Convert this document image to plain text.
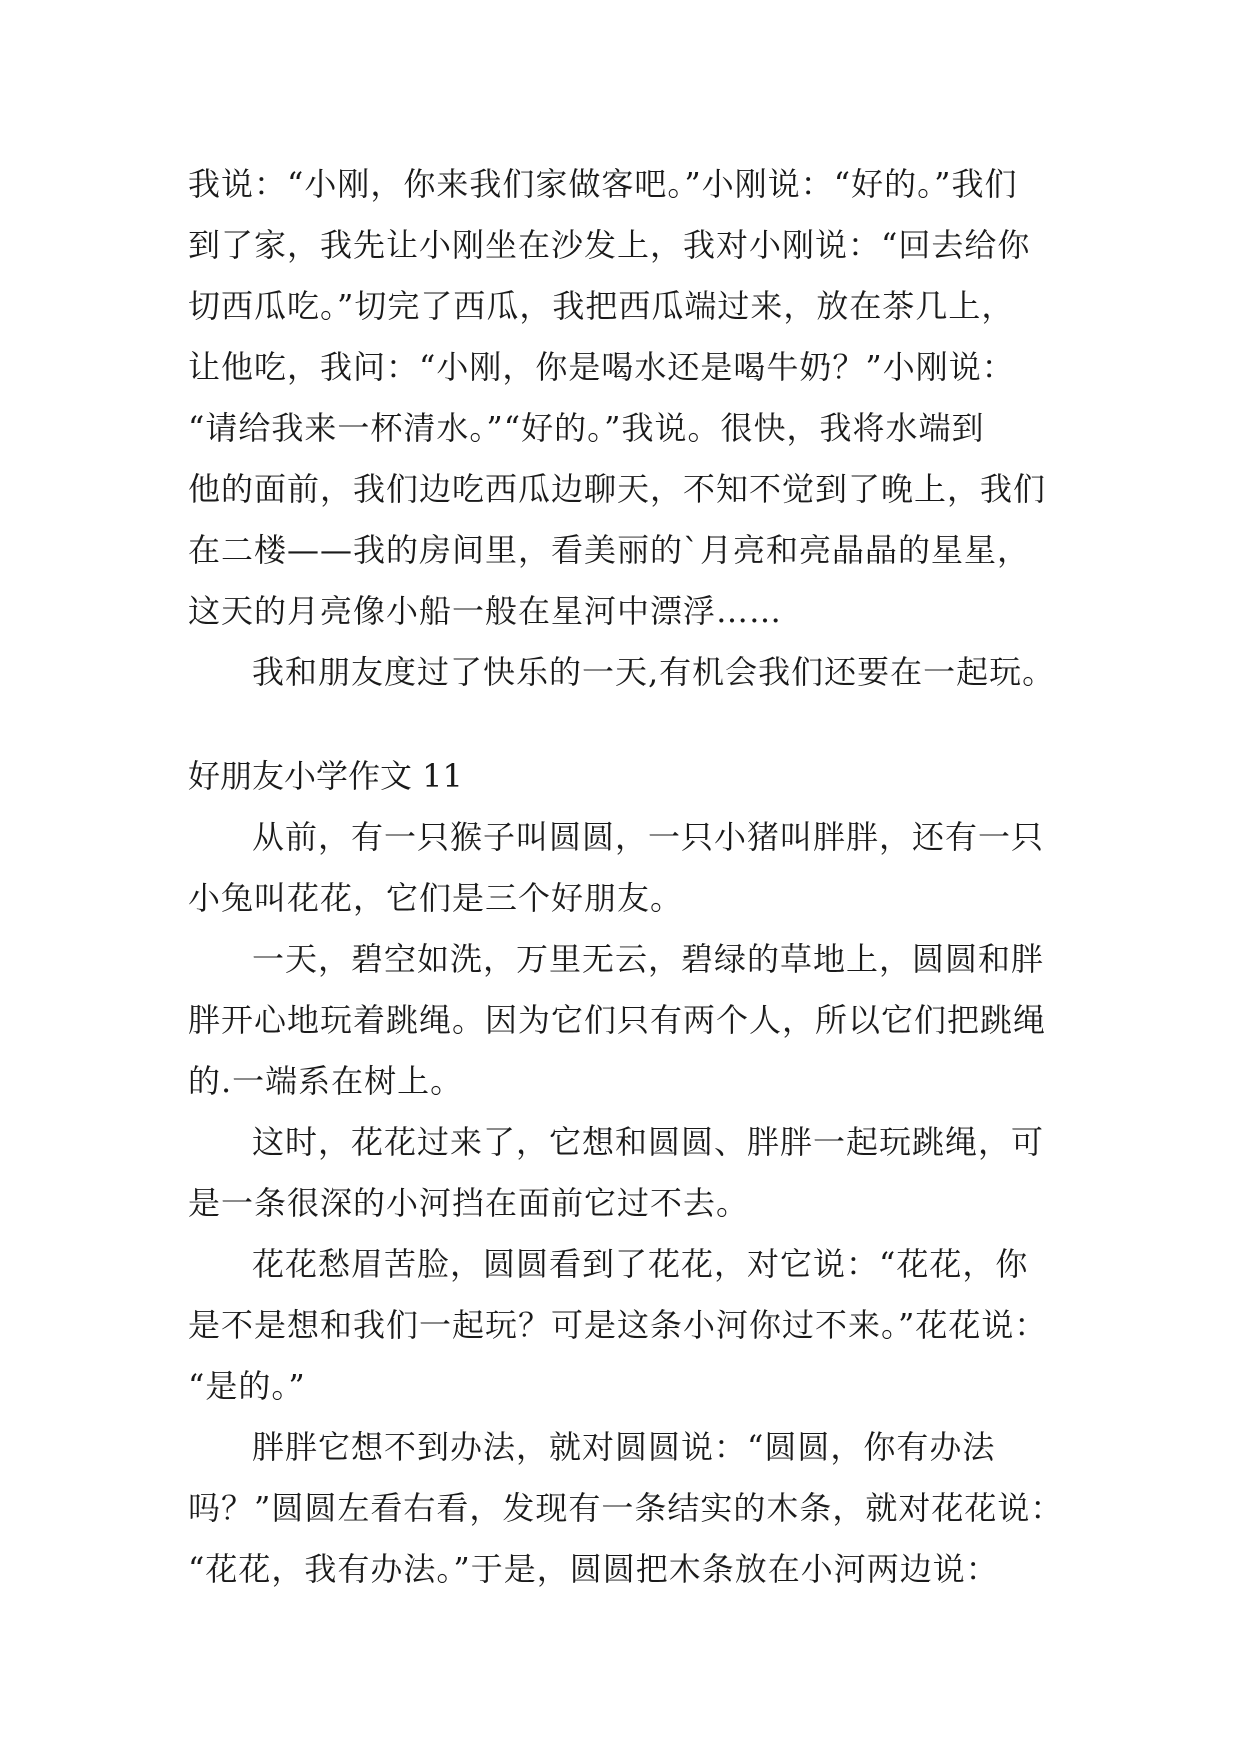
我说：“小刚，你来我们家做客吧。”小刚说：“好的。”我们
到了家，我先让小刚坐在沙发上，我对小刚说：“回去给你
切西瓜吃。”切完了西瓜，我把西瓜端过来，放在茶几上，
让他吃，我问：“小刚，你是喝水还是喝牛奶？”小刚说：
“请给我来一杯清水。”“好的。”我说。很快，我将水端到
他的面前，我们边吃西瓜边聊天，不知不觉到了晚上，我们
在二楼——我的房间里，看美丽的`月亮和亮晶晶的星星，
这天的月亮像小船一般在星河中漂浮……
我和朋友度过了快乐的一天,有机会我们还要在一起玩。
好朋友小学作文 11
从前，有一只猴子叫圆圆，一只小猪叫胖胖，还有一只
小兔叫花花，它们是三个好朋友。
一天，碧空如洗，万里无云，碧绿的草地上，圆圆和胖
胖开心地玩着跳绳。因为它们只有两个人，所以它们把跳绳
的.一端系在树上。
这时，花花过来了，它想和圆圆、胖胖一起玩跳绳，可
是一条很深的小河挡在面前它过不去。
花花愁眉苦脸，圆圆看到了花花，对它说：“花花，你
是不是想和我们一起玩？可是这条小河你过不来。”花花说：
“是的。”
胖胖它想不到办法，就对圆圆说：“圆圆，你有办法
吗？”圆圆左看右看，发现有一条结实的木条，就对花花说：
“花花，我有办法。”于是，圆圆把木条放在小河两边说：
